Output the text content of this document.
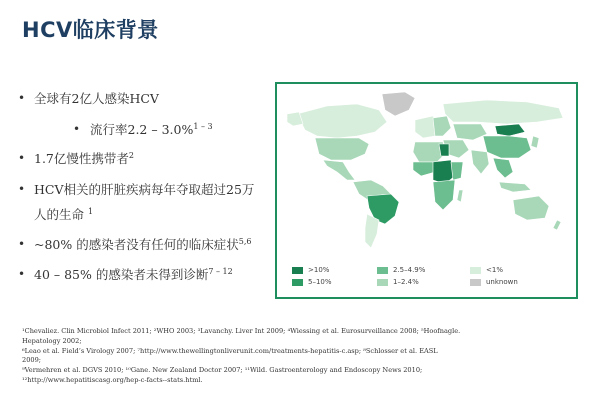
HCV临床背景
• 全球有2亿人感染HCV
• 流行率2.2 – 3.0%$^{1 - 3}$
• 1.7亿慢性携带者$^2$
• HCV相关的肝脏疾病每年夺取超过25万
人的生命 $^1$
• ~80% 的感染者没有任何的临床症状$^{5,6}$
• 40 – 85% 的感染者未得到诊断$^{7 - 12}$	>10%
5–10%
2.5–4.9%
1–2.4%
<1%
unknown
¹Chevaliez. Clin Microbiol Infect 2011; ²WHO 2003; ³Lavanchy. Liver Int 2009; ⁴Wiessing et al. Eurosurveillance 2008; ⁵Hoofnagle.
Hepatology 2002;
⁶Leao et al. Field’s Virology 2007; ⁷http://www.thewellingtonliverunit.com/treatments-hepatitis-c.asp; ⁸Schlosser et al. EASL
2009;
⁹Vermehren et al. DGVS 2010; ¹⁰Gane. New Zealand Doctor 2007; ¹¹Wild. Gastroenterology and Endoscopy News 2010;
¹²http://www.hepatitiscasg.org/hep-c-facts--stats.html.
